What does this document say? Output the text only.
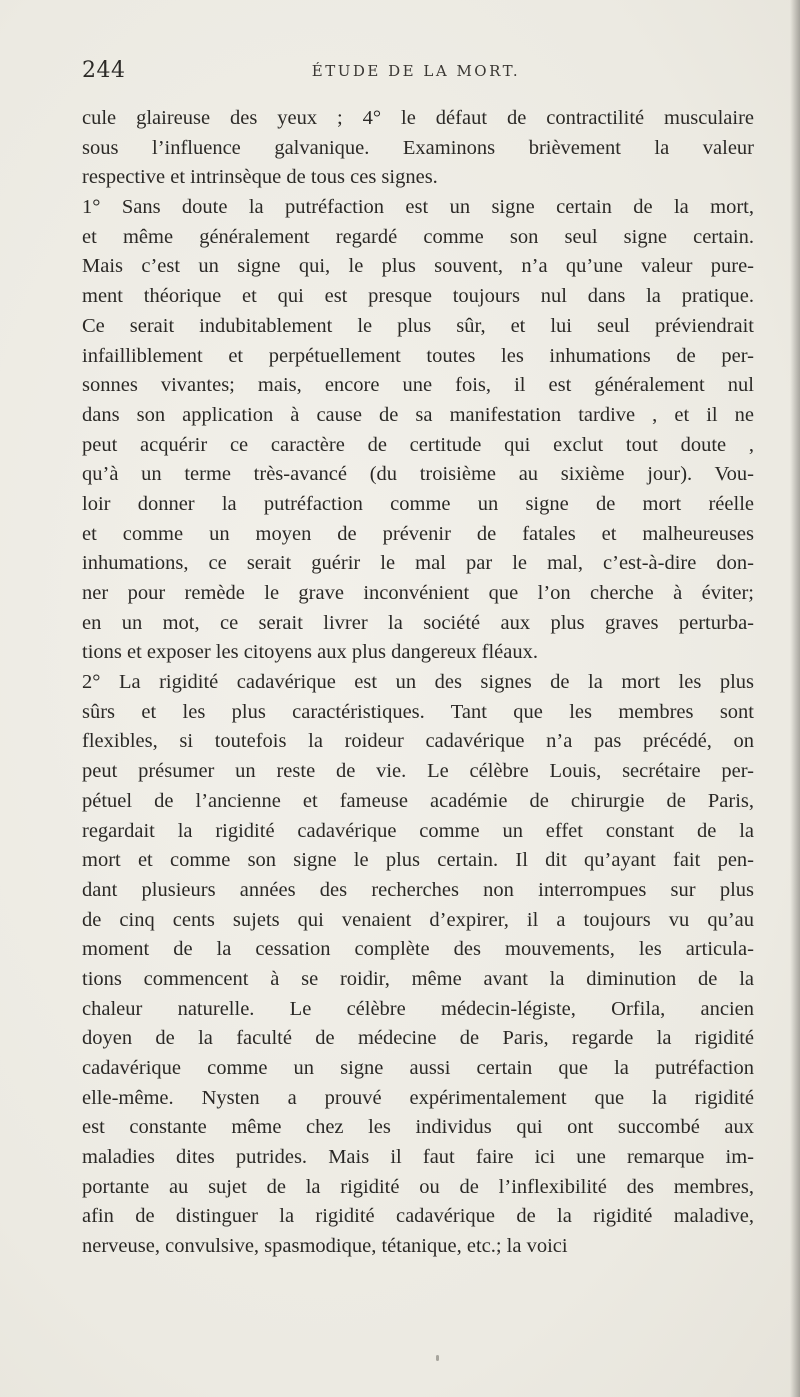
244	ÉTUDE DE LA MORT.
cule glaireuse des yeux ; 4° le défaut de contractilité musculaire
sous l’influence galvanique. Examinons brièvement la valeur
respective et intrinsèque de tous ces signes.
1° Sans doute la putréfaction est un signe certain de la mort,
et même généralement regardé comme son seul signe certain.
Mais c’est un signe qui, le plus souvent, n’a qu’une valeur pure-
ment théorique et qui est presque toujours nul dans la pratique.
Ce serait indubitablement le plus sûr, et lui seul préviendrait
infailliblement et perpétuellement toutes les inhumations de per-
sonnes vivantes; mais, encore une fois, il est généralement nul
dans son application à cause de sa manifestation tardive , et il ne
peut acquérir ce caractère de certitude qui exclut tout doute ,
qu’à un terme très-avancé (du troisième au sixième jour). Vou-
loir donner la putréfaction comme un signe de mort réelle
et comme un moyen de prévenir de fatales et malheureuses
inhumations, ce serait guérir le mal par le mal, c’est-à-dire don-
ner pour remède le grave inconvénient que l’on cherche à éviter;
en un mot, ce serait livrer la société aux plus graves perturba-
tions et exposer les citoyens aux plus dangereux fléaux.
2° La rigidité cadavérique est un des signes de la mort les plus
sûrs et les plus caractéristiques. Tant que les membres sont
flexibles, si toutefois la roideur cadavérique n’a pas précédé, on
peut présumer un reste de vie. Le célèbre Louis, secrétaire per-
pétuel de l’ancienne et fameuse académie de chirurgie de Paris,
regardait la rigidité cadavérique comme un effet constant de la
mort et comme son signe le plus certain. Il dit qu’ayant fait pen-
dant plusieurs années des recherches non interrompues sur plus
de cinq cents sujets qui venaient d’expirer, il a toujours vu qu’au
moment de la cessation complète des mouvements, les articula-
tions commencent à se roidir, même avant la diminution de la
chaleur naturelle. Le célèbre médecin-légiste, Orfila, ancien
doyen de la faculté de médecine de Paris, regarde la rigidité
cadavérique comme un signe aussi certain que la putréfaction
elle-même. Nysten a prouvé expérimentalement que la rigidité
est constante même chez les individus qui ont succombé aux
maladies dites putrides. Mais il faut faire ici une remarque im-
portante au sujet de la rigidité ou de l’inflexibilité des membres,
afin de distinguer la rigidité cadavérique de la rigidité maladive,
nerveuse, convulsive, spasmodique, tétanique, etc.; la voici
